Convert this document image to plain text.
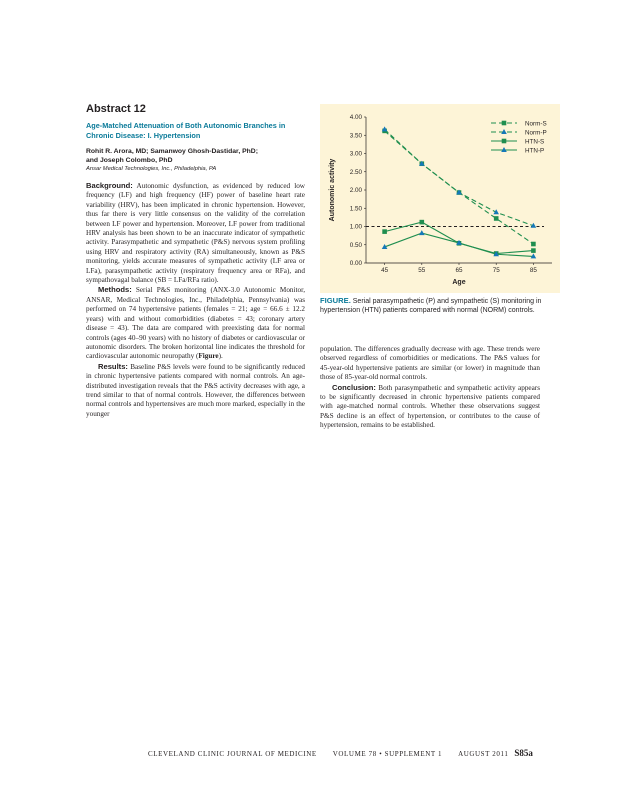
Abstract 12
Age-Matched Attenuation of Both Autonomic Branches in Chronic Disease: I. Hypertension
Rohit R. Arora, MD; Samanwoy Ghosh-Dastidar, PhD;
and Joseph Colombo, PhD
Ansar Medical Technologies, Inc., Philadelphia, PA

Background: Autonomic dysfunction, as evidenced by reduced low frequency (LF) and high frequency (HF) power of baseline heart rate variability (HRV), has been implicated in chronic hypertension. However, thus far there is very little consensus on the validity of the correlation between LF power and hypertension. Moreover, LF power from traditional HRV analysis has been shown to be an inaccurate indicator of sympathetic activity. Parasympathetic and sympathetic (P&S) nervous system profiling using HRV and respiratory activity (RA) simultaneously, known as P&S monitoring, yields accurate measures of sympathetic activity (LF area or LFa), parasympathetic activity (respiratory frequency area or RFa), and sympathovagal balance (SB = LFa/RFa ratio).

Methods: Serial P&S monitoring (ANX-3.0 Autonomic Monitor, ANSAR, Medical Technologies, Inc., Philadelphia, Pennsylvania) was performed on 74 hypertensive patients (females = 21; age = 66.6 ± 12.2 years) with and without comorbidities (diabetes = 43; coronary artery disease = 43). The data are compared with preexisting data for normal controls (ages 40–90 years) with no history of diabetes or cardiovascular or autonomic disorders. The broken horizontal line indicates the threshold for cardiovascular autonomic neuropathy (Figure).

Results: Baseline P&S levels were found to be significantly reduced in chronic hypertensive patients compared with normal controls. An age-distributed investigation reveals that the P&S activity decreases with age, a trend similar to that of normal controls. However, the differences between normal controls and hypertensives are much more marked, especially in the younger

0.00
0.50
1.00
1.50
2.00
2.50
3.00
3.50
4.00
45	55	65	75	85
Age
Autonomic activity
Norm-S
Norm-P
HTN-S
HTN-P
FIGURE. Serial parasympathetic (P) and sympathetic (S) monitoring in hypertension (HTN) patients compared with normal (NORM) controls.

population. The differences gradually decrease with age. These trends were observed regardless of comorbidities or medications. The P&S values for 45-year-old hypertensive patients are similar (or lower) in magnitude than those of 85-year-old normal controls.

Conclusion: Both parasympathetic and sympathetic activity appears to be significantly decreased in chronic hypertensive patients compared with age-matched normal controls. Whether these observations suggest P&S decline is an effect of hypertension, or contributes to the cause of hypertension, remains to be established.

CLEVELAND CLINIC JOURNAL OF MEDICINE VOLUME 78 • SUPPLEMENT 1 AUGUST 2011 S85a
